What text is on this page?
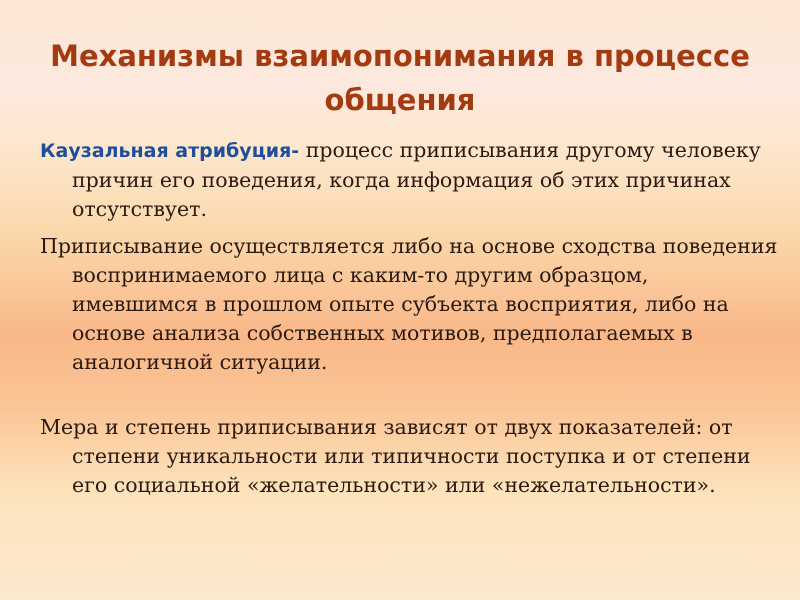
Механизмы взаимопонимания в процессе общения

Каузальная атрибуция- процесс приписывания другому человеку причин его поведения, когда информация об этих причинах отсутствует.

Приписывание осуществляется либо на основе сходства поведения воспринимаемого лица с каким-то другим образцом, имевшимся в прошлом опыте субъекта восприятия, либо на основе анализа собственных мотивов, предполагаемых в аналогичной ситуации.

Мера и степень приписывания зависят от двух показателей: от степени уникальности или типичности поступка и от степени его социальной «желательности» или «нежелательности».
